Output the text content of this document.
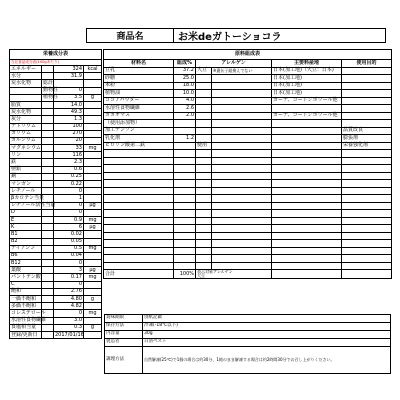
商品名	お米deガトーショコラ
栄養成分表			
当社食品成分表(100gあたり)			
エネルギー		324	kcal
水分		31.9	
炭水化物	総計		
	動物性	0	
	植物性	3.5	g
脂質		14.0	
炭水化物		49.3	
灰分		1.3	
ナトリウム		100	
カリウム		270	
カルシウム		20	
マグネシウム		33	mg
リン		116	
鉄		2.3	
亜鉛		0.6	
銅		0.25	
マンガン		0.22	
レチノール		0	
βカロテン当量		1	
レチノール活性当量		0	μg
D		0	
E		0.9	mg
K		6	μg
B1		0.02	
B2		0.05	
ナイアシン		0.5	mg
B6		0.04	
B12		0	
葉酸		3	μg
パントテン酸		0.17	mg
C		0	
飽和		2.76	
一価不飽和		4.80	g
多価不飽和		4.82	
コレステロール		0	mg
水溶性食物繊維		3.0	
食塩相当量		0.3	g
登録/更新日		2017/01/16	
原料組成表					
材料名	組成%	アレルゲン		主要料産地	使用目的
豆乳	37.2	大豆	※遺伝子組換えでない	日本(加工地)（大豆：日本)	
砂糖	25.0			日本(加工地)	
米粉	18.0			日本(加工地)	
植物油	10.0			日本(加工地)	
ココアパウダー	4.0			ガーナ、コートジボワール他	
水溶性食物繊維	2.6				
カカオマス	2.0			ガーナ、コートジボワール他	
（使用添加物）					
加工デンプン					品質改良
乳化剤	1.2				膨張剤
ピロリン酸第二鉄		使用			栄養強化剤

合計	100%	表示対象アレルゲン
大豆			

賞味期限	別紙記載
保存方法	冷凍(-18℃以下)
内容量	30g
製造者	日清ベスト
調理方法	自然解凍(25℃)で1個の場合は約30分、1箱のまま解凍する場合は約2時間30分でお召し上がりください。
